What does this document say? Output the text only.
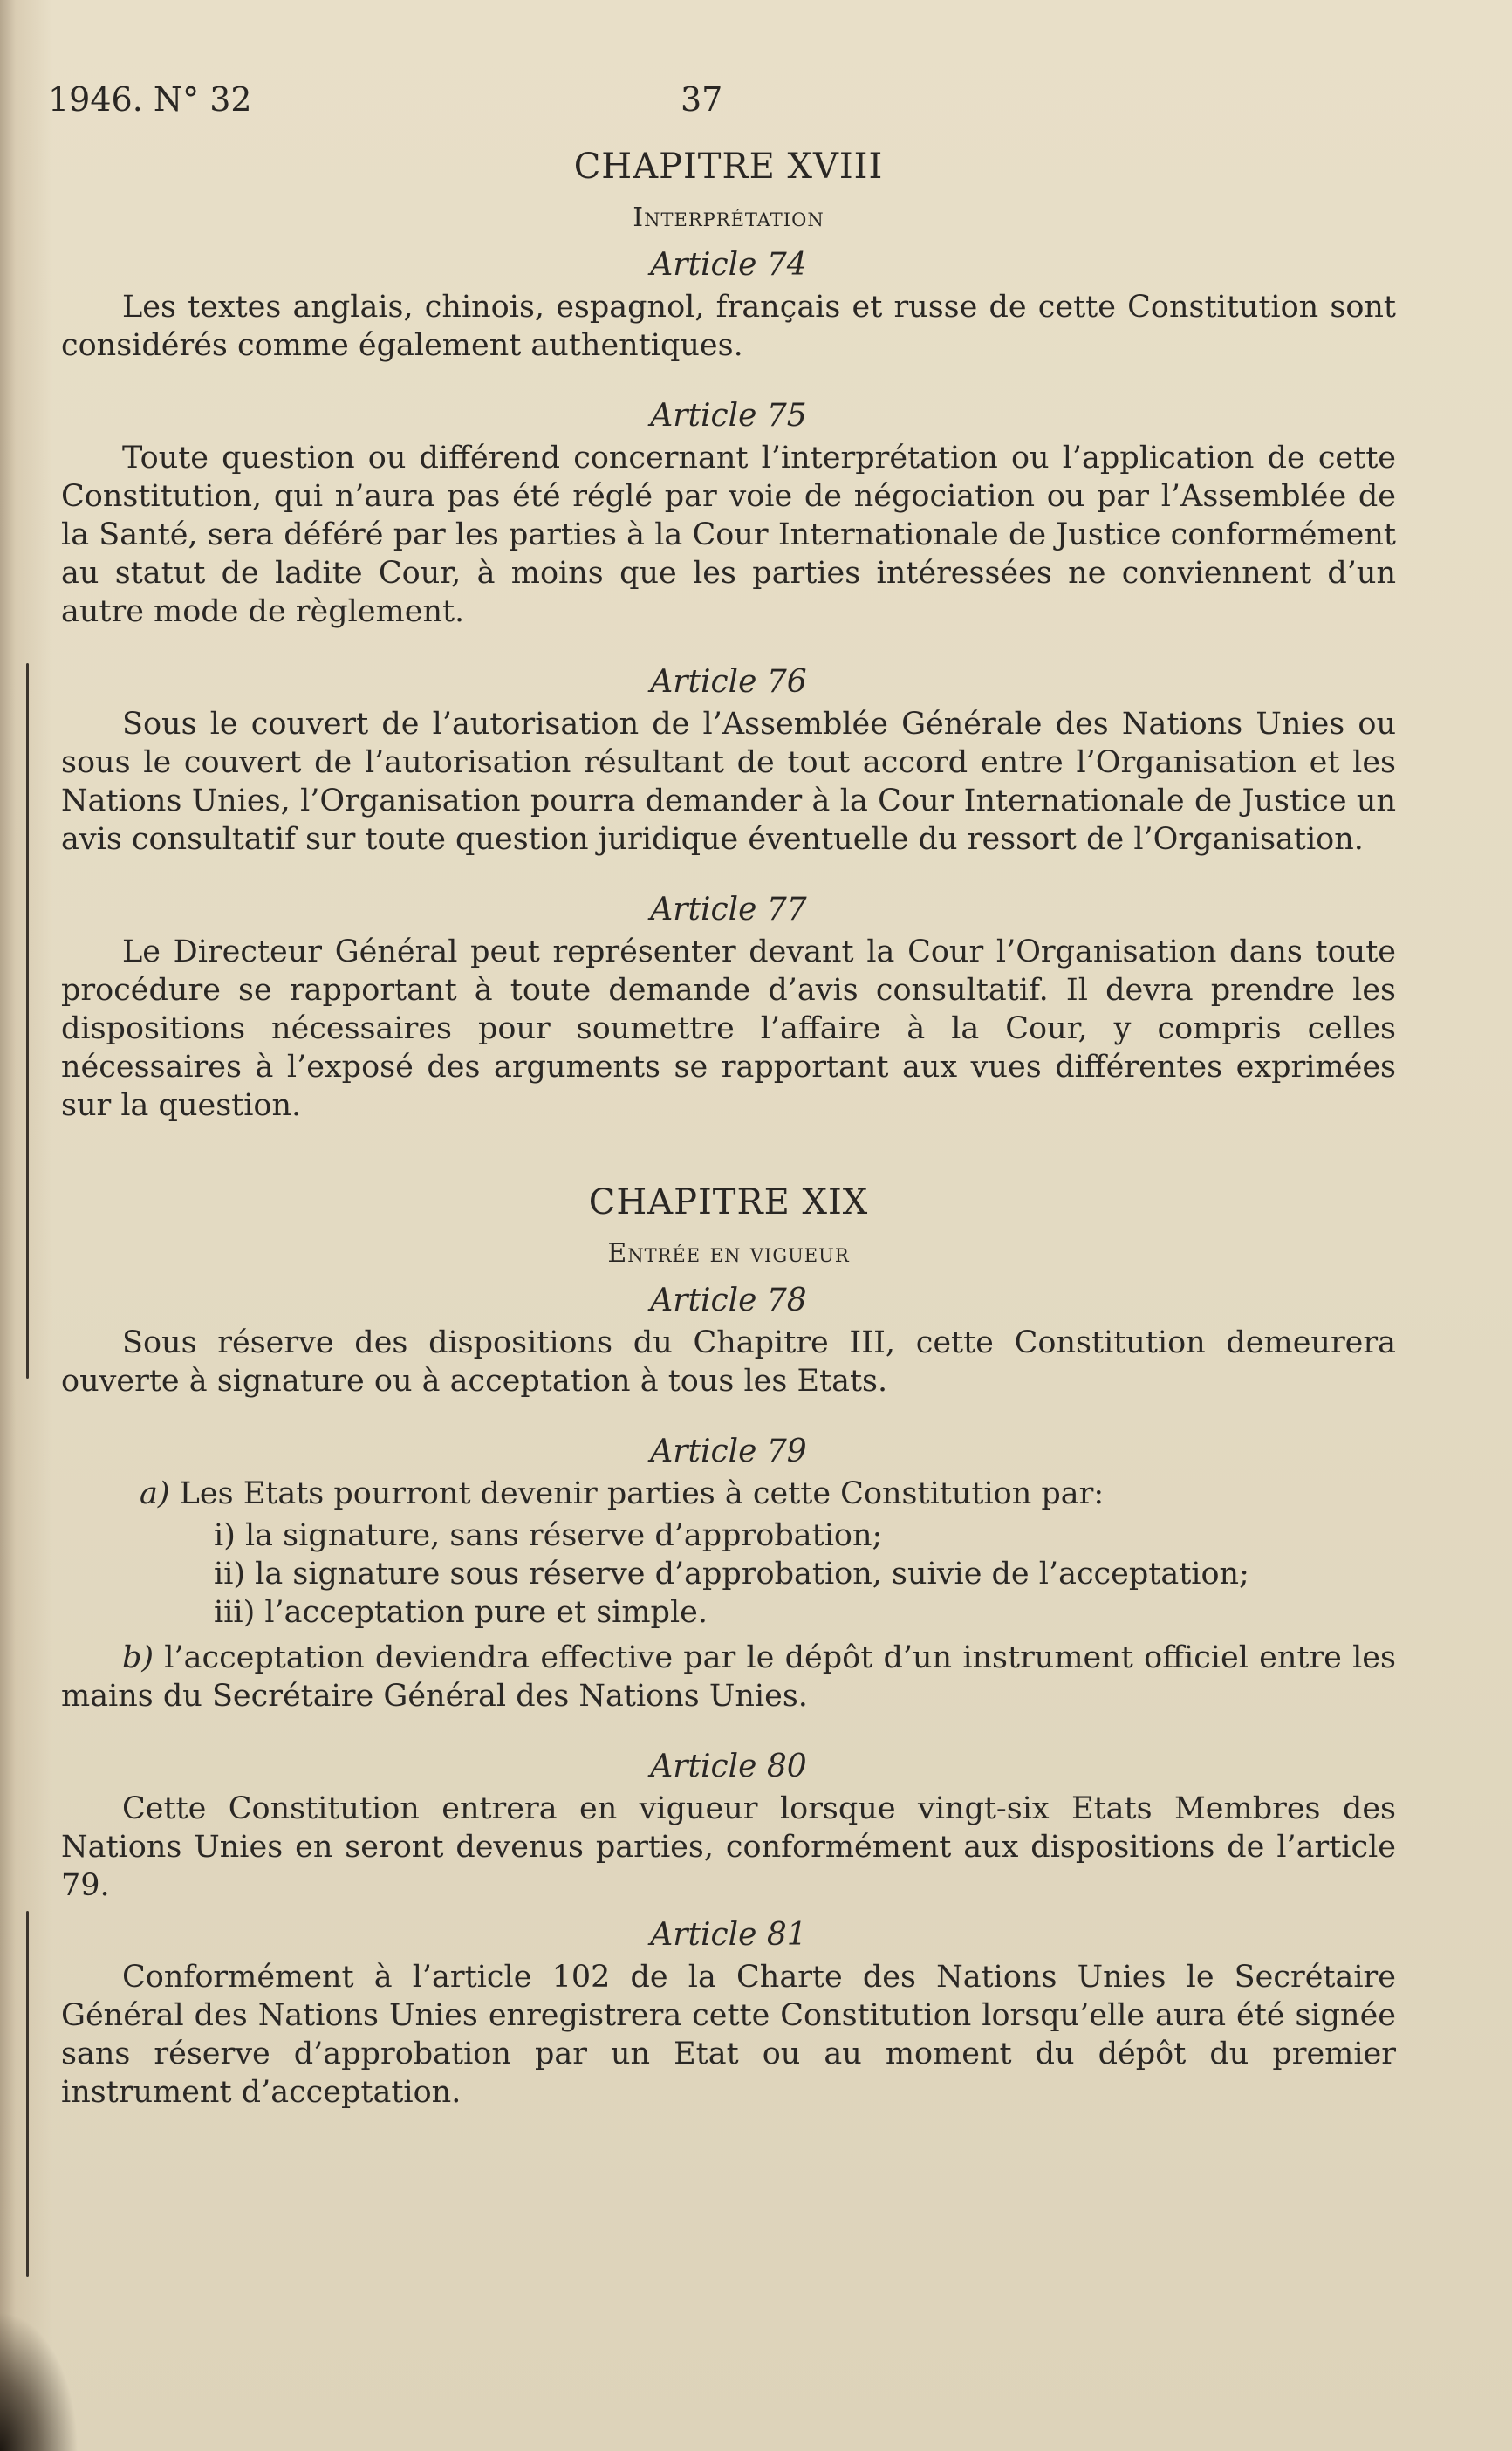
1946. N° 32	37
CHAPITRE XVIII
Interprétation
Article 74

Les textes anglais, chinois, espagnol, français et russe de cette Constitution sont considérés comme également authentiques.

Article 75

Toute question ou différend concernant l’interprétation ou l’application de cette Constitution, qui n’aura pas été réglé par voie de négociation ou par l’Assemblée de la Santé, sera déféré par les parties à la Cour Internationale de Justice conformément au statut de ladite Cour, à moins que les parties intéressées ne conviennent d’un autre mode de règlement.

Article 76

Sous le couvert de l’autorisation de l’Assemblée Générale des Nations Unies ou sous le couvert de l’autorisation résultant de tout accord entre l’Organisation et les Nations Unies, l’Organisation pourra demander à la Cour Internationale de Justice un avis consultatif sur toute question juridique éventuelle du ressort de l’Organisation.

Article 77

Le Directeur Général peut représenter devant la Cour l’Organisation dans toute procédure se rapportant à toute demande d’avis consultatif. Il devra prendre les dispositions nécessaires pour soumettre l’affaire à la Cour, y compris celles nécessaires à l’exposé des arguments se rapportant aux vues différentes exprimées sur la question.

CHAPITRE XIX
Entrée en vigueur
Article 78

Sous réserve des dispositions du Chapitre III, cette Constitution demeurera ouverte à signature ou à acceptation à tous les Etats.

Article 79

a) Les Etats pourront devenir parties à cette Constitution par:

i) la signature, sans réserve d’approbation;

ii) la signature sous réserve d’approbation, suivie de l’acceptation;

iii) l’acceptation pure et simple.

b) l’acceptation deviendra effective par le dépôt d’un instrument officiel entre les mains du Secrétaire Général des Nations Unies.

Article 80

Cette Constitution entrera en vigueur lorsque vingt-six Etats Membres des Nations Unies en seront devenus parties, conformément aux dispositions de l’article 79.

Article 81

Conformément à l’article 102 de la Charte des Nations Unies le Secrétaire Général des Nations Unies enregistrera cette Constitution lorsqu’elle aura été signée sans réserve d’approbation par un Etat ou au moment du dépôt du premier instrument d’acceptation.
